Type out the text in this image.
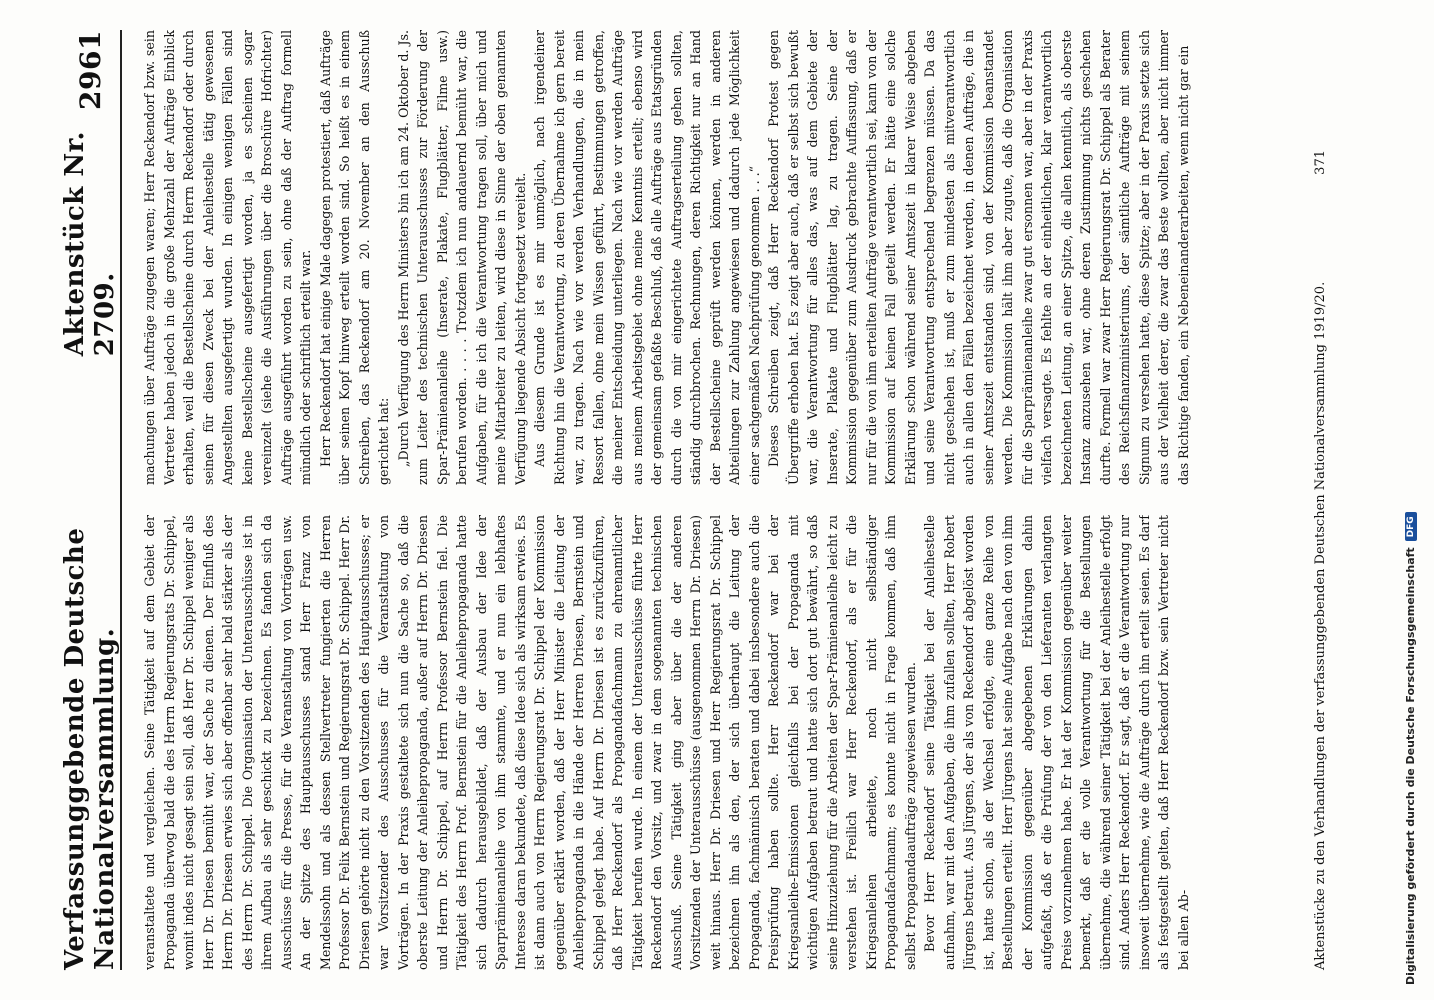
Verfassunggebende Deutsche Nationalversammlung.
Aktenstück Nr. 2709.
2961

veranstaltete und vergleichen. Seine Tätigkeit auf dem Gebiet der Propaganda überwog bald die des Herrn Regierungsrats Dr. Schippel, womit indes nicht gesagt sein soll, daß Herr Dr. Schippel weniger als Herr Dr. Driesen bemüht war, der Sache zu dienen. Der Einfluß des Herrn Dr. Driesen erwies sich aber offenbar sehr bald stärker als der des Herrn Dr. Schippel. Die Organisation der Unterausschüsse ist in ihrem Aufbau als sehr geschickt zu bezeichnen. Es fanden sich da Ausschüsse für die Presse, für die Veranstaltung von Vorträgen usw. An der Spitze des Hauptausschusses stand Herr Franz von Mendelssohn und als dessen Stellvertreter fungierten die Herren Professor Dr. Felix Bernstein und Regierungsrat Dr. Schippel. Herr Dr. Driesen gehörte nicht zu den Vorsitzenden des Hauptausschusses; er war Vorsitzender des Ausschusses für die Veranstaltung von Vorträgen. In der Praxis gestaltete sich nun die Sache so, daß die oberste Leitung der Anleihepropaganda, außer auf Herrn Dr. Driesen und Herrn Dr. Schippel, auf Herrn Professor Bernstein fiel. Die Tätigkeit des Herrn Prof. Bernstein für die Anleihepropaganda hatte sich dadurch herausgebildet, daß der Ausbau der Idee der Sparprämienanleihe von ihm stammte, und er nun ein lebhaftes Interesse daran bekundete, daß diese Idee sich als wirksam erwies. Es ist dann auch von Herrn Regierungsrat Dr. Schippel der Kommission gegenüber erklärt worden, daß der Herr Minister die Leitung der Anleihepropaganda in die Hände der Herren Driesen, Bernstein und Schippel gelegt habe. Auf Herrn Dr. Driesen ist es zurückzuführen, daß Herr Reckendorf als Propagandafachmann zu ehrenamtlicher Tätigkeit berufen wurde. In einem der Unterausschüsse führte Herr Reckendorf den Vorsitz, und zwar in dem sogenannten technischen Ausschuß. Seine Tätigkeit ging aber über die der anderen Vorsitzenden der Unterausschüsse (ausgenommen Herrn Dr. Driesen) weit hinaus. Herr Dr. Driesen und Herr Regierungsrat Dr. Schippel bezeichnen ihn als den, der sich überhaupt die Leitung der Propaganda, fachmännisch beraten und dabei insbesondere auch die Preisprüfung haben sollte. Herr Reckendorf war bei der Kriegsanleihe-Emissionen gleichfalls bei der Propaganda mit wichtigen Aufgaben betraut und hatte sich dort gut bewährt, so daß seine Hinzuziehung für die Arbeiten der Spar-Prämienanleihe leicht zu verstehen ist. Freilich war Herr Reckendorf, als er für die Kriegsanleihen arbeitete, noch nicht selbständiger Propagandafachmann; es konnte nicht in Frage kommen, daß ihm selbst Propagandaaufträge zugewiesen wurden. Bevor Herr Reckendorf seine Tätigkeit bei der Anleihestelle aufnahm, war mit den Aufgaben, die ihm zufallen sollten, Herr Robert Jürgens betraut. Aus Jürgens, der als von Reckendorf abgelöst worden ist, hatte schon, als der Wechsel erfolgte, eine ganze Reihe von Bestellungen erteilt. Herr Jürgens hat seine Aufgabe nach den von ihm der Kommission gegenüber abgegebenen Erklärungen dahin aufgefaßt, daß er die Prüfung der von den Lieferanten verlangten Preise vorzunehmen habe. Er hat der Kommission gegenüber weiter bemerkt, daß er die volle Verantwortung für die Bestellungen übernehme, die während seiner Tätigkeit bei der Anleihestelle erfolgt sind. Anders Herr Reckendorf. Er sagt, daß er die Verantwortung nur insoweit übernehme, wie die Aufträge durch ihn erteilt seien. Es darf als festgestellt gelten, daß Herr Reckendorf bzw. sein Vertreter nicht bei allen Ab-

machungen über Aufträge zugegen waren; Herr Reckendorf bzw. sein Vertreter haben jedoch in die große Mehrzahl der Aufträge Einblick erhalten, weil die Bestellscheine durch Herrn Reckendorf oder durch seinen für diesen Zweck bei der Anleihestelle tätig gewesenen Angestellten ausgefertigt wurden. In einigen wenigen Fällen sind keine Bestellscheine ausgefertigt worden, ja es scheinen sogar vereinzelt (siehe die Ausführungen über die Broschüre Hofrichter) Aufträge ausgeführt worden zu sein, ohne daß der Auftrag formell mündlich oder schriftlich erteilt war. Herr Reckendorf hat einige Male dagegen protestiert, daß Aufträge über seinen Kopf hinweg erteilt worden sind. So heißt es in einem Schreiben, das Reckendorf am 20. November an den Ausschuß gerichtet hat: „Durch Verfügung des Herrn Ministers bin ich am 24. Oktober d. Js. zum Leiter des technischen Unterausschusses zur Förderung der Spar-Prämienanleihe (Inserate, Plakate, Flugblätter, Filme usw.) berufen worden. . . . . Trotzdem ich nun andauernd bemüht war, die Aufgaben, für die ich die Verantwortung tragen soll, über mich und meine Mitarbeiter zu leiten, wird diese in Sinne der oben genannten Verfügung liegende Absicht fortgesetzt vereitelt. Aus diesem Grunde ist es mir unmöglich, nach irgendeiner Richtung hin die Verantwortung, zu deren Übernahme ich gern bereit war, zu tragen. Nach wie vor werden Verhandlungen, die in mein Ressort fallen, ohne mein Wissen geführt, Bestimmungen getroffen, die meiner Entscheidung unterliegen. Nach wie vor werden Aufträge aus meinem Arbeitsgebiet ohne meine Kenntnis erteilt; ebenso wird der gemeinsam gefaßte Beschluß, daß alle Aufträge aus Etatsgründen durch die von mir eingerichtete Auftragserteilung gehen sollten, ständig durchbrochen. Rechnungen, deren Richtigkeit nur an Hand der Bestellscheine geprüft werden können, werden in anderen Abteilungen zur Zahlung angewiesen und dadurch jede Möglichkeit einer sachgemäßen Nachprüfung genommen . . .“ Dieses Schreiben zeigt, daß Herr Reckendorf Protest gegen Übergriffe erhoben hat. Es zeigt aber auch, daß er selbst sich bewußt war, die Verantwortung für alles das, was auf dem Gebiete der Inserate, Plakate und Flugblätter lag, zu tragen. Seine der Kommission gegenüber zum Ausdruck gebrachte Auffassung, daß er nur für die von ihm erteilten Aufträge verantwortlich sei, kann von der Kommission auf keinen Fall geteilt werden. Er hätte eine solche Erklärung schon während seiner Amtszeit in klarer Weise abgeben und seine Verantwortung entsprechend begrenzen müssen. Da das nicht geschehen ist, muß er zum mindesten als mitverantwortlich auch in allen den Fällen bezeichnet werden, in denen Aufträge, die in seiner Amtszeit entstanden sind, von der Kommission beanstandet werden. Die Kommission hält ihm aber zugute, daß die Organisation für die Sparprämienanleihe zwar gut ersonnen war, aber in der Praxis vielfach versagte. Es fehlte an der einheitlichen, klar verantwortlich bezeichneten Leitung, an einer Spitze, die allen kenntlich, als oberste Instanz anzusehen war, ohne deren Zustimmung nichts geschehen durfte. Formell war zwar Herr Regierungsrat Dr. Schippel als Berater des Reichsfinanzministeriums, der sämtliche Aufträge mit seinem Signum zu versehen hatte, diese Spitze; aber in der Praxis setzte sich aus der Vielheit derer, die zwar das Beste wollten, aber nicht immer das Richtige fanden, ein Nebeneinanderarbeiten, wenn nicht gar ein

Aktenstücke zu den Verhandlungen der verfassunggebenden Deutschen Nationalversammlung 1919/20.
371
Digitalisierung gefördert durch die Deutsche Forschungsgemeinschaft
DFG
